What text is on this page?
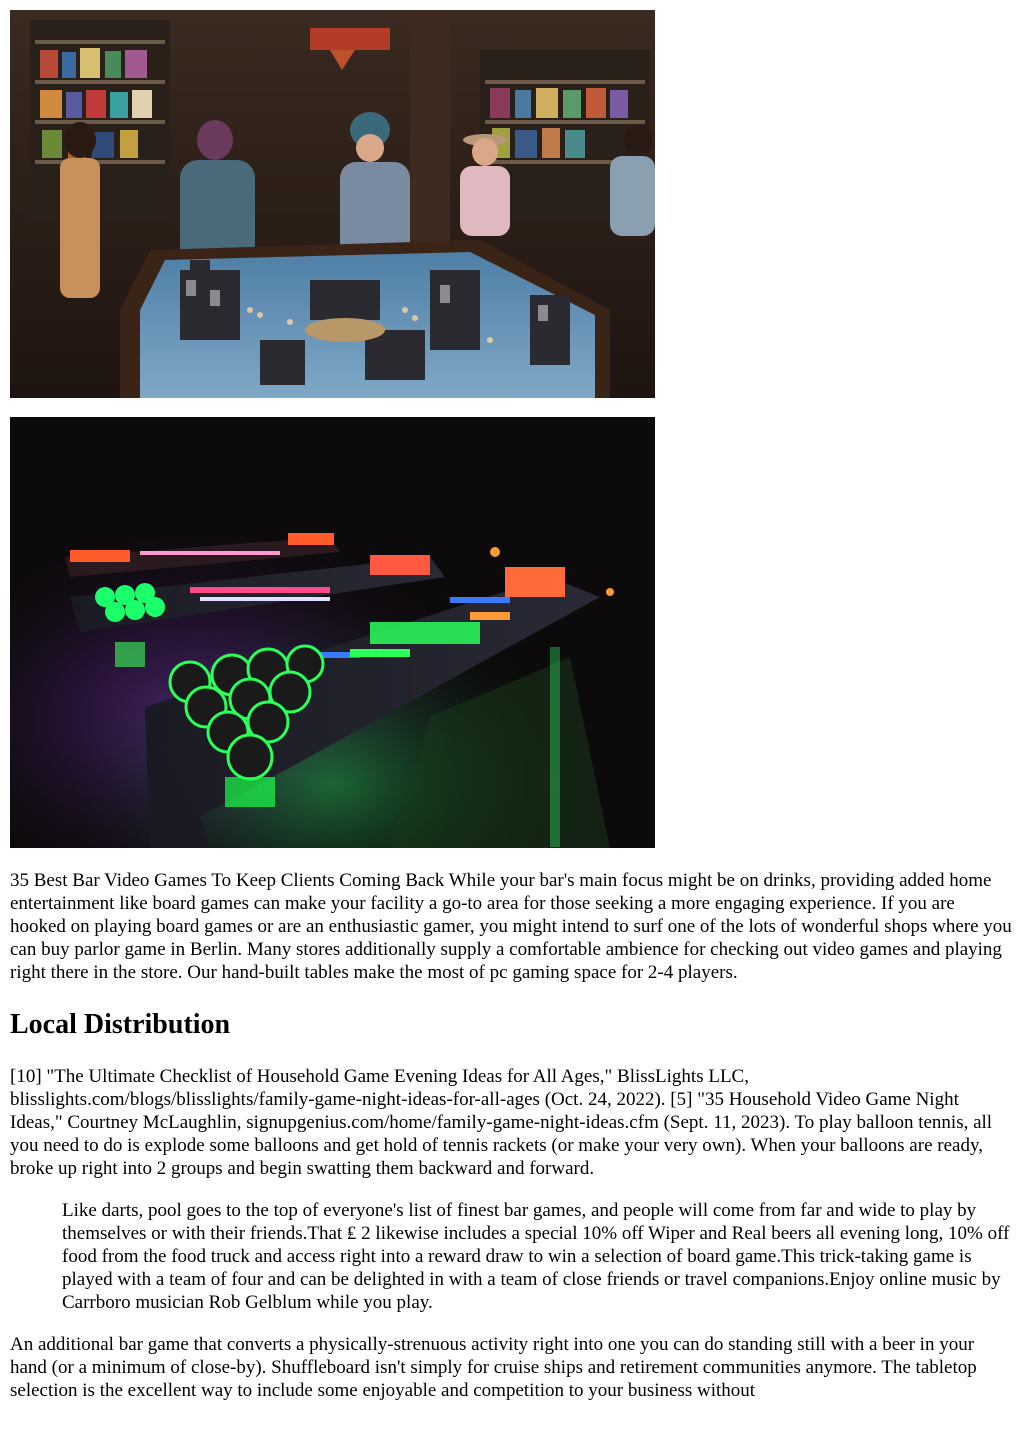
35 Best Bar Video Games To Keep Clients Coming Back While your bar's main focus might be on drinks, providing added home entertainment like board games can make your facility a go-to area for those seeking a more engaging experience. If you are hooked on playing board games or are an enthusiastic gamer, you might intend to surf one of the lots of wonderful shops where you can buy parlor game in Berlin. Many stores additionally supply a comfortable ambience for checking out video games and playing right there in the store. Our hand-built tables make the most of pc gaming space for 2-4 players.

Local Distribution

[10] "The Ultimate Checklist of Household Game Evening Ideas for All Ages," BlissLights LLC, blisslights.com/blogs/blisslights/family-game-night-ideas-for-all-ages (Oct. 24, 2022). [5] "35 Household Video Game Night Ideas," Courtney McLaughlin, signupgenius.com/home/family-game-night-ideas.cfm (Sept. 11, 2023). To play balloon tennis, all you need to do is explode some balloons and get hold of tennis rackets (or make your very own). When your balloons are ready, broke up right into 2 groups and begin swatting them backward and forward.

Like darts, pool goes to the top of everyone's list of finest bar games, and people will come from far and wide to play by themselves or with their friends.That ₤ 2 likewise includes a special 10% off Wiper and Real beers all evening long, 10% off food from the food truck and access right into a reward draw to win a selection of board game.This trick-taking game is played with a team of four and can be delighted in with a team of close friends or travel companions.Enjoy online music by Carrboro musician Rob Gelblum while you play.

An additional bar game that converts a physically-strenuous activity right into one you can do standing still with a beer in your hand (or a minimum of close-by). Shuffleboard isn't simply for cruise ships and retirement communities anymore. The tabletop selection is the excellent way to include some enjoyable and competition to your business without
